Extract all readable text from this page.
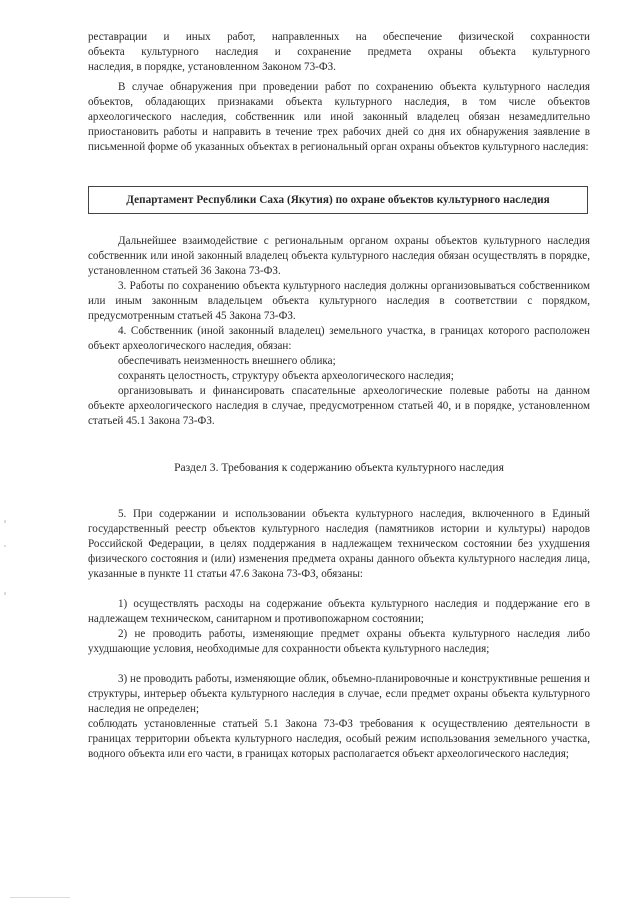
реставрации и иных работ, направленных на обеспечение физической сохранности
объекта культурного наследия и сохранение предмета охраны объекта культурного
наследия, в порядке, установленном Законом 73-ФЗ.
В случае обнаружения при проведении работ по сохранению объекта культурного наследия объектов, обладающих признаками объекта культурного наследия, в том числе объектов археологического наследия, собственник или иной законный владелец обязан незамедлительно приостановить работы и направить в течение трех рабочих дней со дня их обнаружения заявление в письменной форме об указанных объектах в региональный орган охраны объектов культурного наследия:
Департамент Республики Саха (Якутия) по охране объектов культурного наследия
Дальнейшее взаимодействие с региональным органом охраны объектов культурного наследия собственник или иной законный владелец объекта культурного наследия обязан осуществлять в порядке, установленном статьей 36 Закона 73-ФЗ.
3. Работы по сохранению объекта культурного наследия должны организовываться собственником или иным законным владельцем объекта культурного наследия в соответствии с порядком, предусмотренным статьей 45 Закона 73-ФЗ.
4. Собственник (иной законный владелец) земельного участка, в границах которого расположен объект археологического наследия, обязан:
обеспечивать неизменность внешнего облика;
сохранять целостность, структуру объекта археологического наследия;
организовывать и финансировать спасательные археологические полевые работы на данном объекте археологического наследия в случае, предусмотренном статьей 40, и в порядке, установленном статьей 45.1 Закона 73-ФЗ.
Раздел 3. Требования к содержанию объекта культурного наследия
5. При содержании и использовании объекта культурного наследия, включенного в Единый государственный реестр объектов культурного наследия (памятников истории и культуры) народов Российской Федерации, в целях поддержания в надлежащем техническом состоянии без ухудшения физического состояния и (или) изменения предмета охраны данного объекта культурного наследия лица, указанные в пункте 11 статьи 47.6 Закона 73-ФЗ, обязаны:
1) осуществлять расходы на содержание объекта культурного наследия и поддержание его в надлежащем техническом, санитарном и противопожарном состоянии;
2) не проводить работы, изменяющие предмет охраны объекта культурного наследия либо ухудшающие условия, необходимые для сохранности объекта культурного наследия;
3) не проводить работы, изменяющие облик, объемно-планировочные и конструктивные решения и структуры, интерьер объекта культурного наследия в случае, если предмет охраны объекта культурного наследия не определен;
соблюдать установленные статьей 5.1 Закона 73-ФЗ требования к осуществлению деятельности в границах территории объекта культурного наследия, особый режим использования земельного участка, водного объекта или его части, в границах которых располагается объект археологического наследия;
